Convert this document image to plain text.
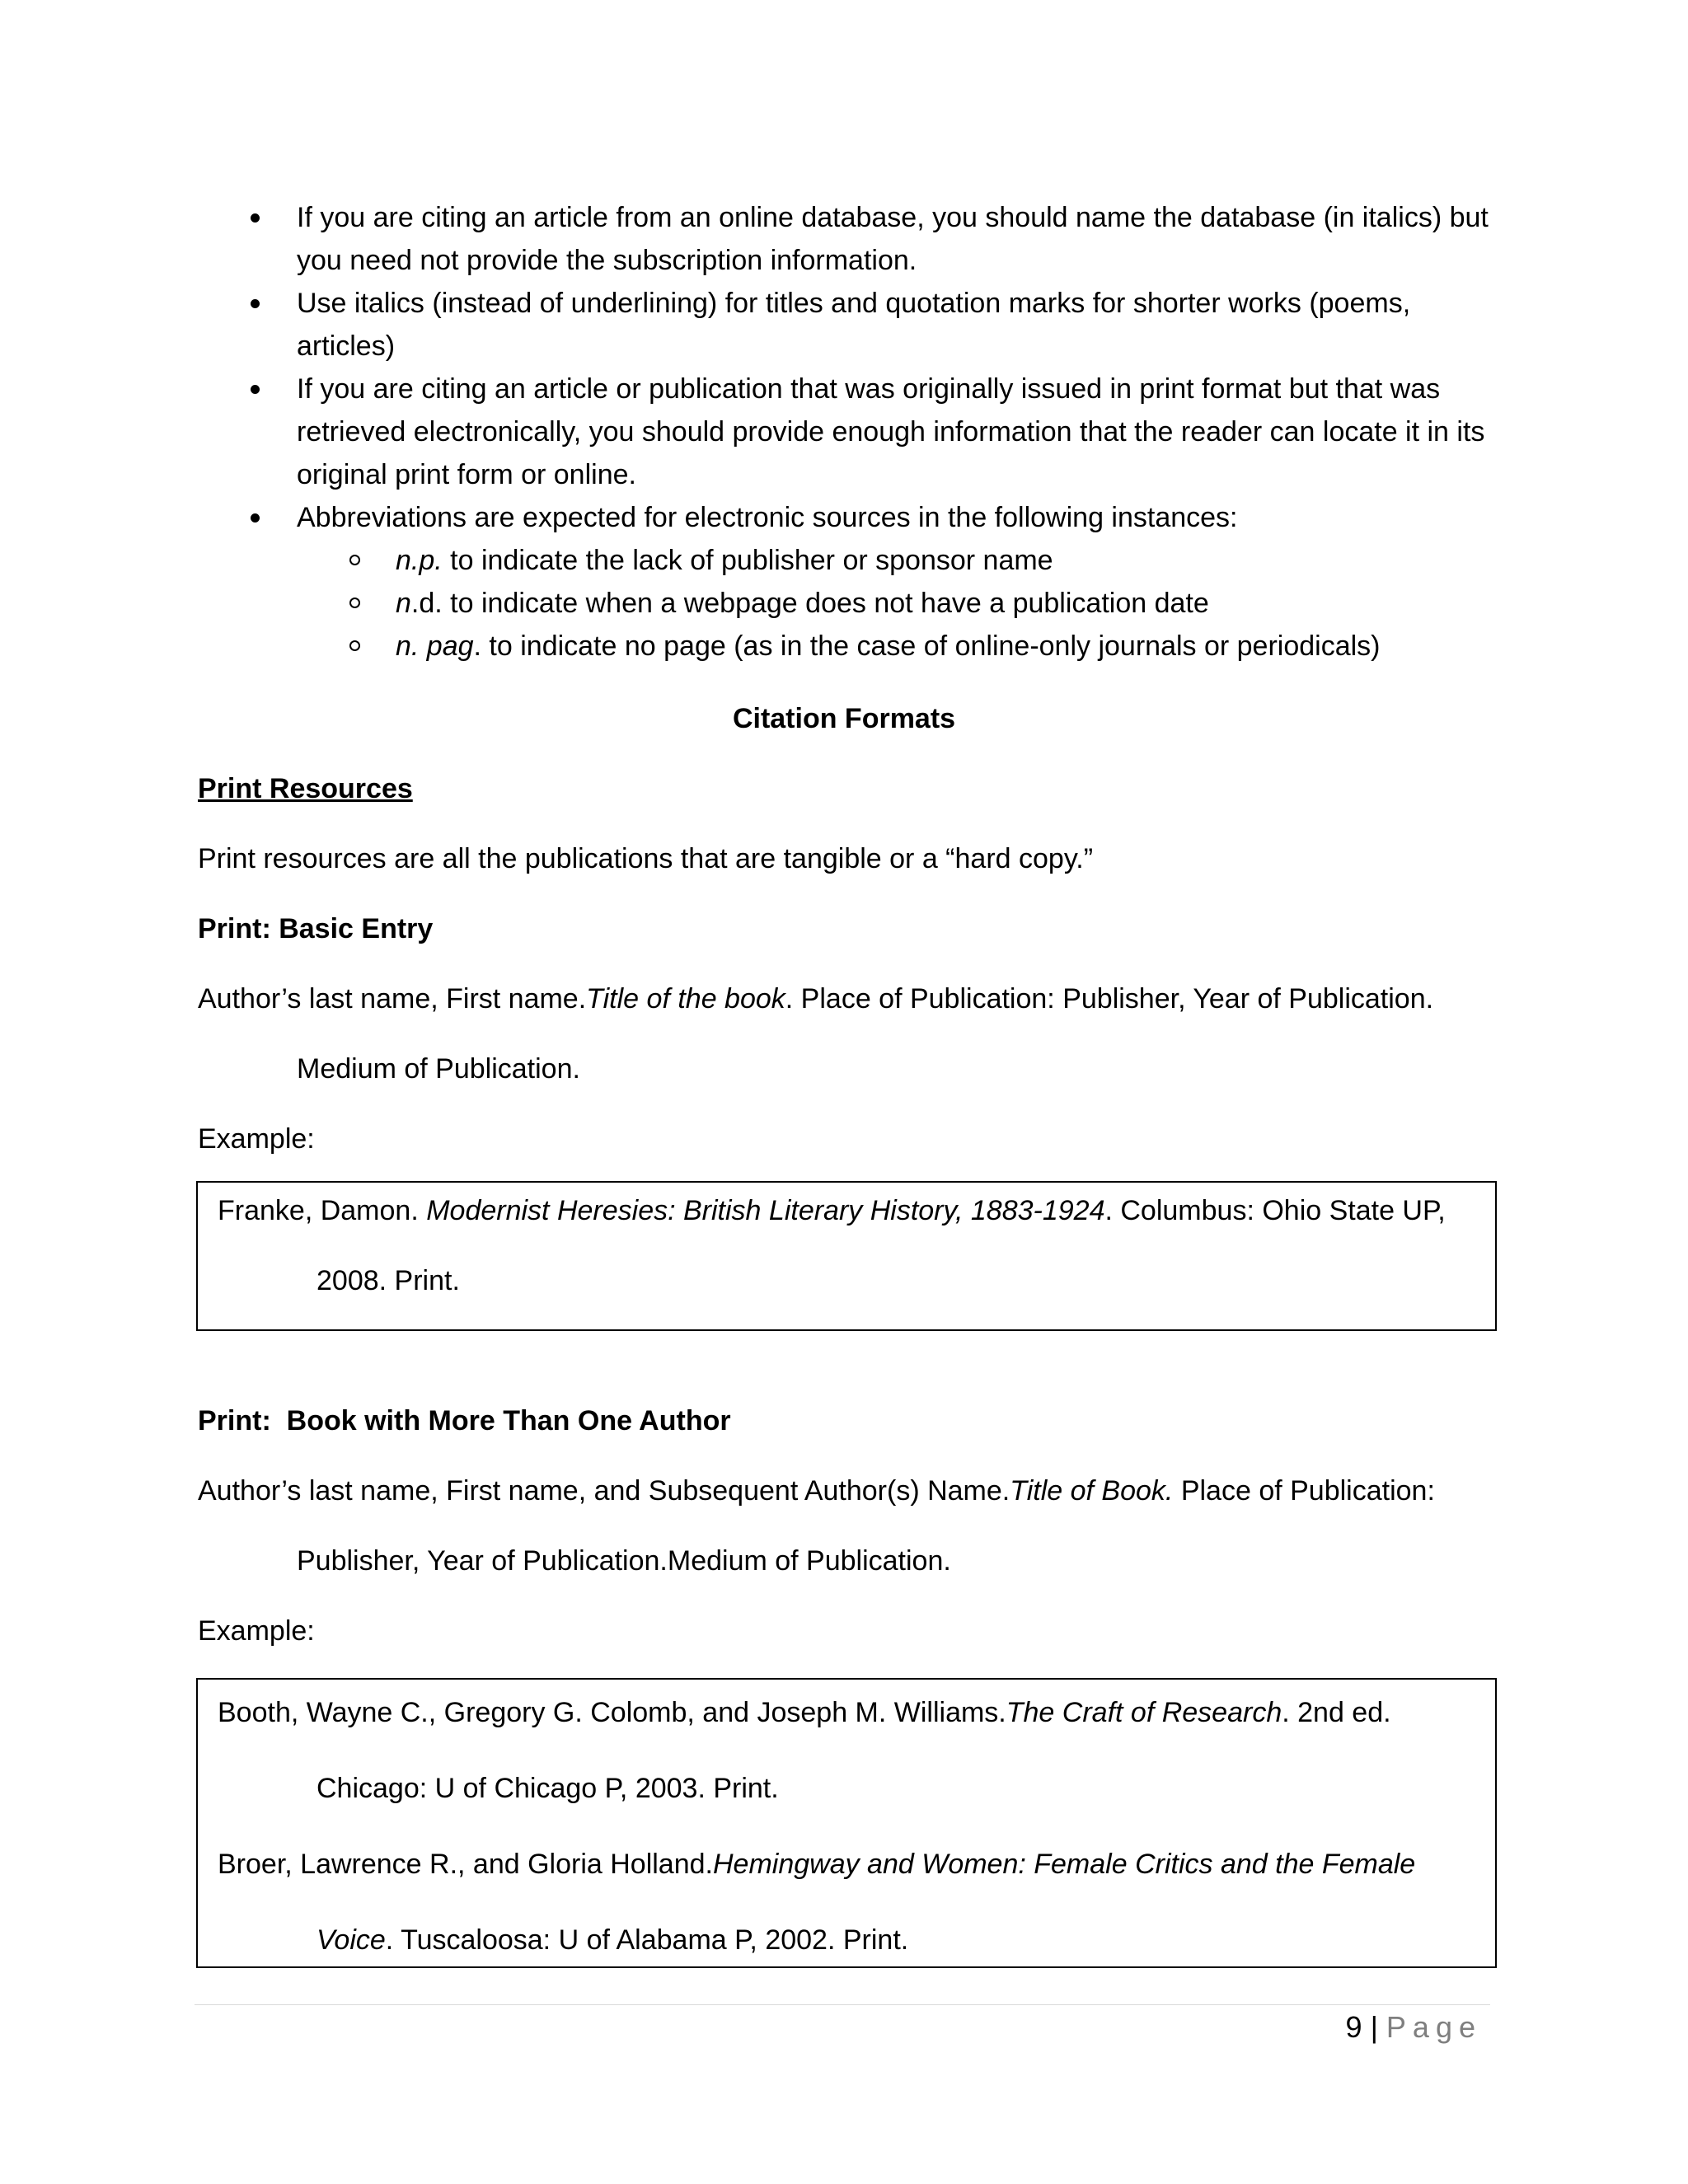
If you are citing an article from an online database, you should name the database (in italics) but you need not provide the subscription information.
Use italics (instead of underlining) for titles and quotation marks for shorter works (poems, articles)
If you are citing an article or publication that was originally issued in print format but that was retrieved electronically, you should provide enough information that the reader can locate it in its original print form or online.
Abbreviations are expected for electronic sources in the following instances:
n.p. to indicate the lack of publisher or sponsor name
n.d. to indicate when a webpage does not have a publication date
n. pag. to indicate no page (as in the case of online-only journals or periodicals)
Citation Formats
Print Resources
Print resources are all the publications that are tangible or a “hard copy.”
Print: Basic Entry
Author’s last name, First name.Title of the book. Place of Publication: Publisher, Year of Publication.
Medium of Publication.
Example:
Franke, Damon. Modernist Heresies: British Literary History, 1883-1924. Columbus: Ohio State UP,
2008. Print.
Print:  Book with More Than One Author
Author’s last name, First name, and Subsequent Author(s) Name.Title of Book. Place of Publication:
Publisher, Year of Publication.Medium of Publication.
Example:
Booth, Wayne C., Gregory G. Colomb, and Joseph M. Williams.The Craft of Research. 2nd ed.
Chicago: U of Chicago P, 2003. Print.
Broer, Lawrence R., and Gloria Holland.Hemingway and Women: Female Critics and the Female
Voice. Tuscaloosa: U of Alabama P, 2002. Print.
9 | Page
